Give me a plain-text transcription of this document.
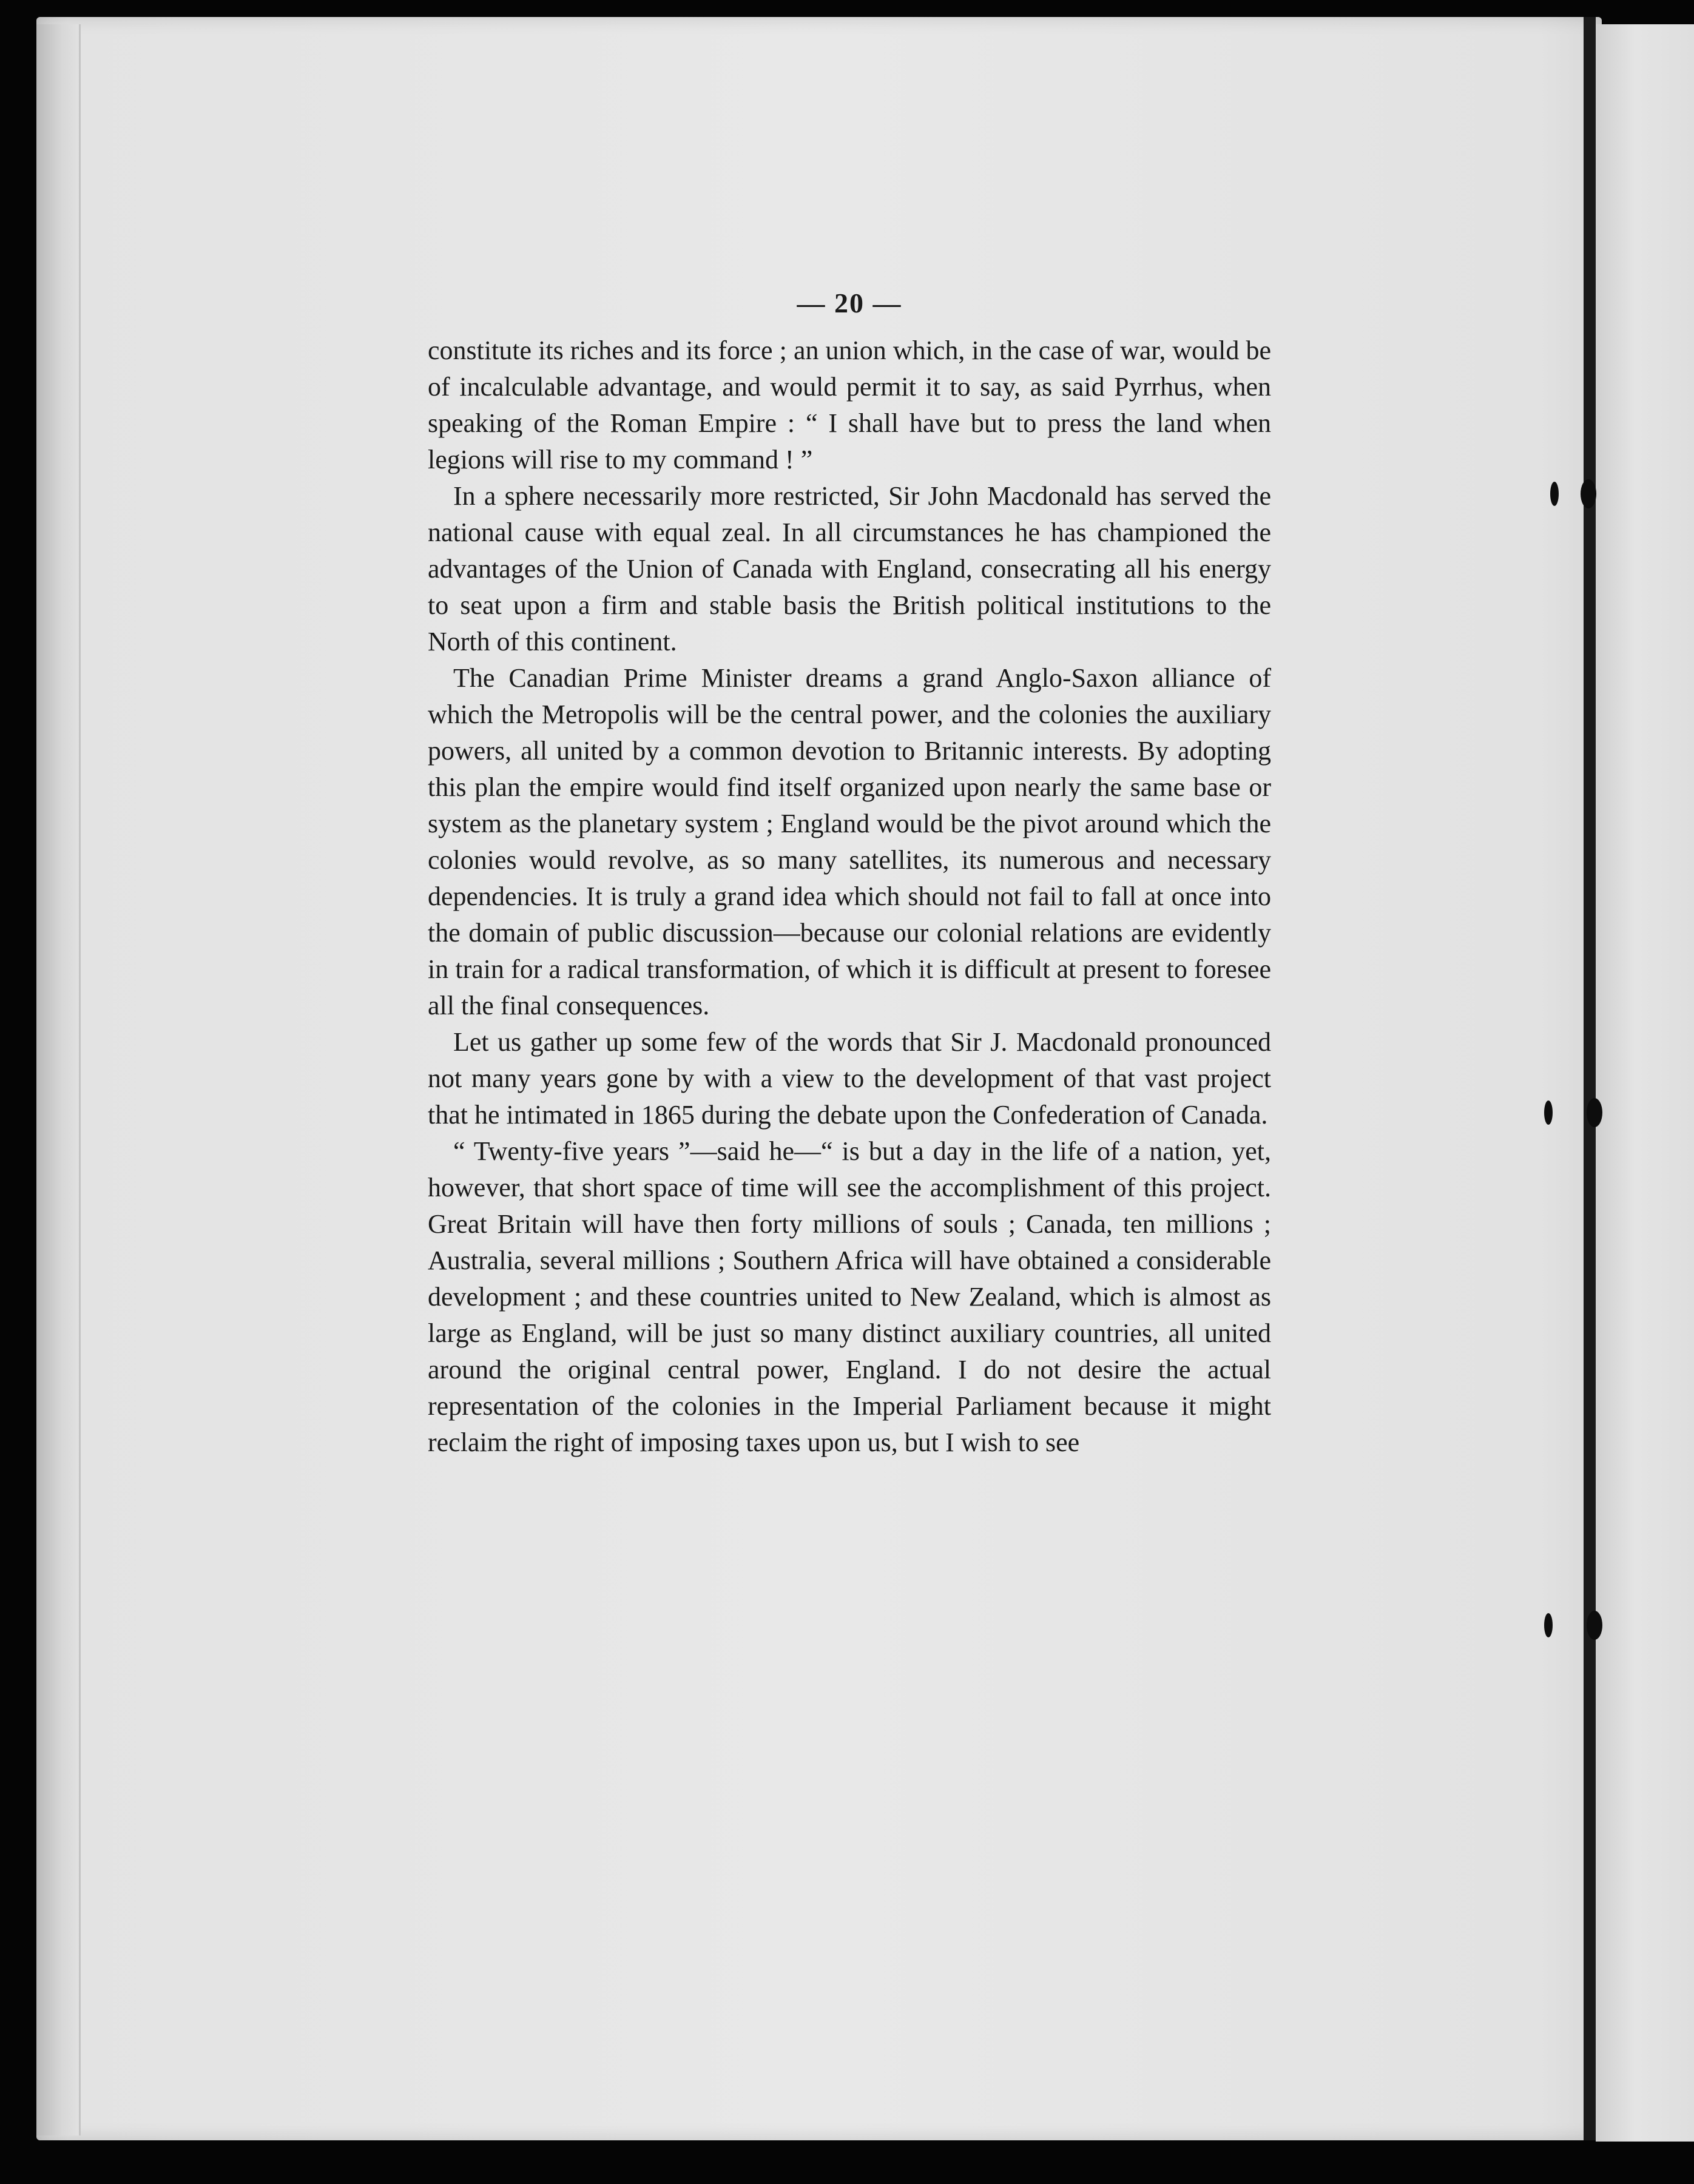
— 20 —

constitute its riches and its force ; an union which, in the case of war, would be of incalculable advantage, and would permit it to say, as said Pyrrhus, when speaking of the Roman Empire : “ I shall have but to press the land when legions will rise to my command ! ”

In a sphere necessarily more restricted, Sir John Macdonald has served the national cause with equal zeal. In all circumstances he has championed the advantages of the Union of Canada with England, consecrating all his energy to seat upon a firm and stable basis the British political institutions to the North of this continent.

The Canadian Prime Minister dreams a grand Anglo-Saxon alliance of which the Metropolis will be the central power, and the colonies the auxiliary powers, all united by a common devotion to Britannic interests. By adopting this plan the empire would find itself organized upon nearly the same base or system as the planetary system ; England would be the pivot around which the colonies would revolve, as so many satellites, its numerous and necessary dependencies. It is truly a grand idea which should not fail to fall at once into the domain of public discussion—because our colonial relations are evidently in train for a radical transformation, of which it is difficult at present to foresee all the final consequences.

Let us gather up some few of the words that Sir J. Macdonald pronounced not many years gone by with a view to the development of that vast project that he intimated in 1865 during the debate upon the Confederation of Canada.

“ Twenty-five years ”—said he—“ is but a day in the life of a nation, yet, however, that short space of time will see the accomplishment of this project. Great Britain will have then forty millions of souls ; Canada, ten millions ; Australia, several millions ; Southern Africa will have obtained a considerable development ; and these countries united to New Zealand, which is almost as large as England, will be just so many distinct auxiliary countries, all united around the original central power, England. I do not desire the actual representation of the colonies in the Imperial Parliament because it might reclaim the right of imposing taxes upon us, but I wish to see
